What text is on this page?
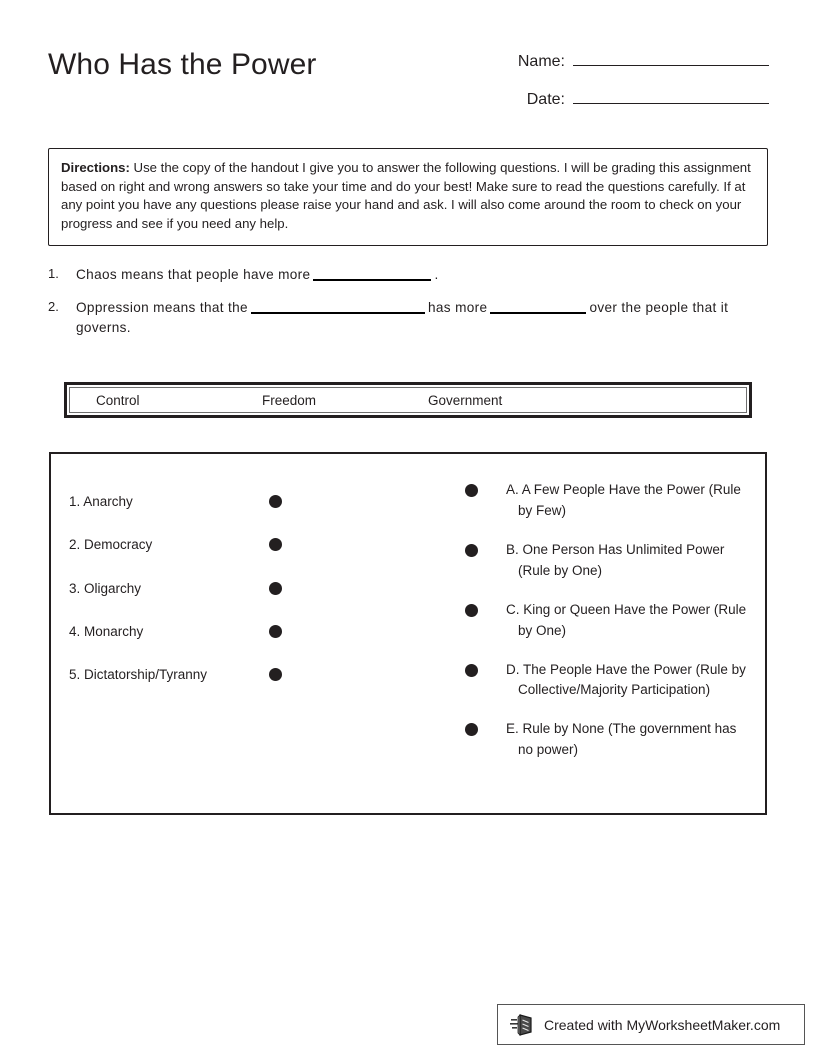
Who Has the Power	Name:
Date:
Directions: Use the copy of the handout I give you to answer the following questions. I will be grading this assignment based on right and wrong answers so take your time and do your best! Make sure to read the questions carefully. If at any point you have any questions please raise your hand and ask. I will also come around the room to check on your progress and see if you need any help.
1.	Chaos means that people have more	.
2.	Oppression means that the	has more	over the people that it governs.
Control	Freedom	Government
1. Anarchy
2. Democracy
3. Oligarchy
4. Monarchy
5. Dictatorship/Tyranny
A. A Few People Have the Power (Rule by Few)
B. One Person Has Unlimited Power (Rule by One)
C. King or Queen Have the Power (Rule by One)
D. The People Have the Power (Rule by Collective/Majority Participation)
E. Rule by None (The government has no power)
Created with MyWorksheetMaker.com
